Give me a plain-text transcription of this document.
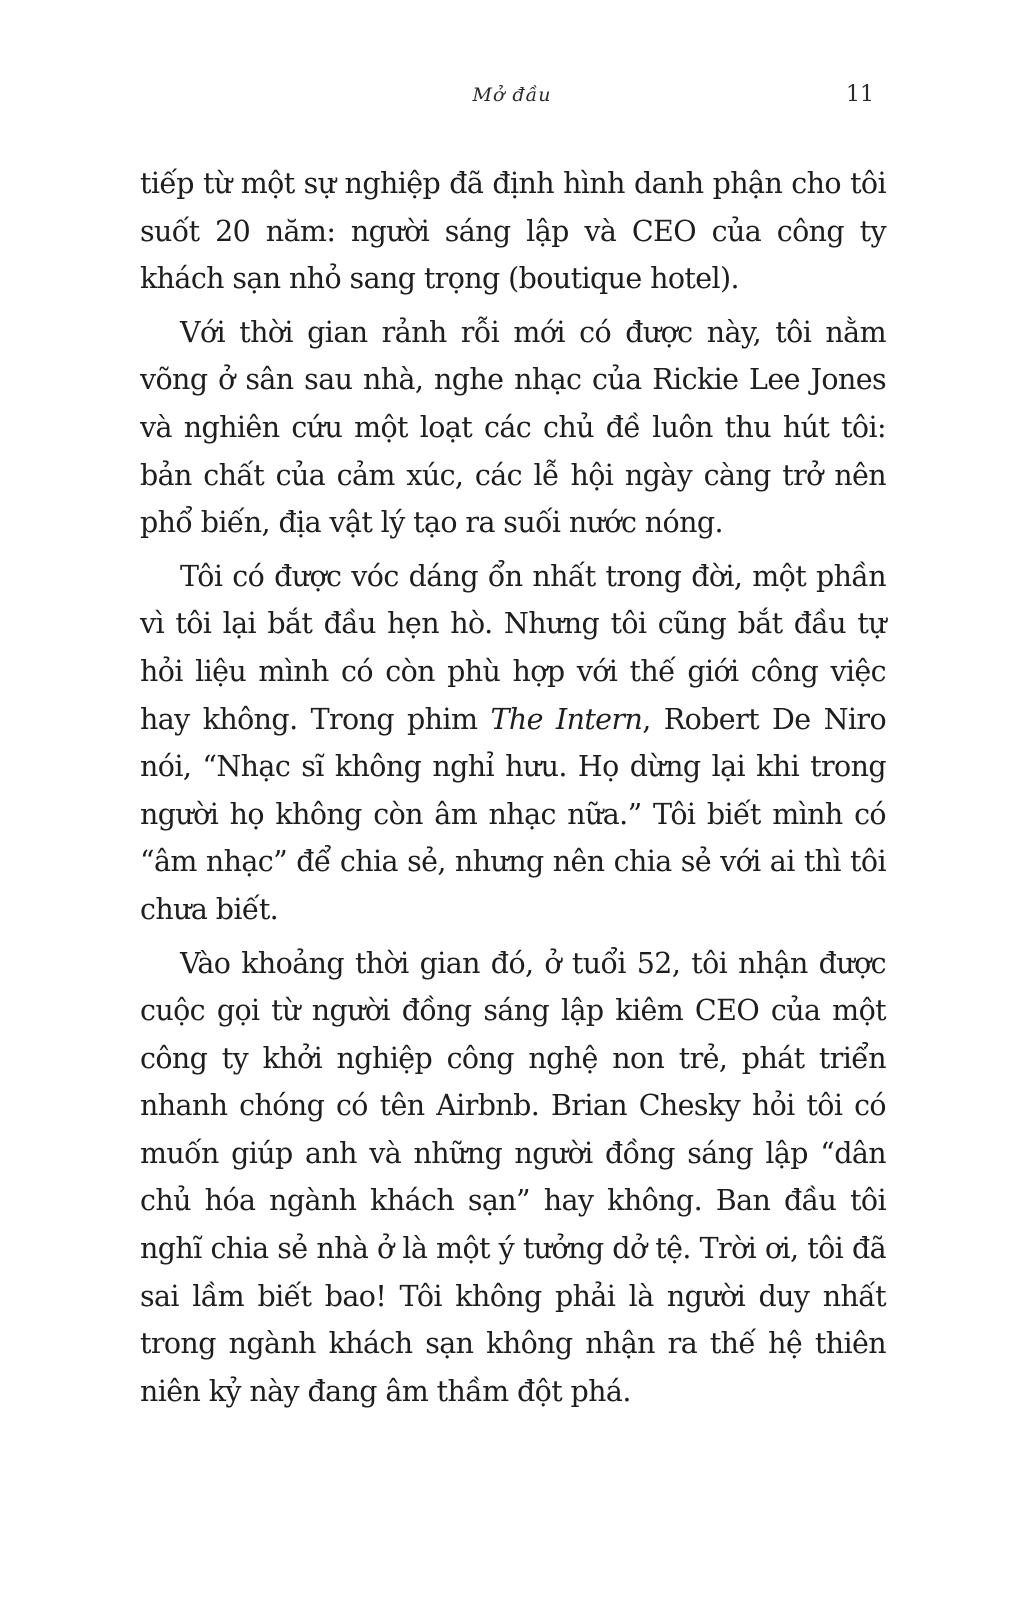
Mở đầu	11

tiếp từ một sự nghiệp đã định hình danh phận cho tôi suốt 20 năm: người sáng lập và CEO của công ty khách sạn nhỏ sang trọng (boutique hotel).

Với thời gian rảnh rỗi mới có được này, tôi nằm võng ở sân sau nhà, nghe nhạc của Rickie Lee Jones và nghiên cứu một loạt các chủ đề luôn thu hút tôi: bản chất của cảm xúc, các lễ hội ngày càng trở nên phổ biến, địa vật lý tạo ra suối nước nóng.

Tôi có được vóc dáng ổn nhất trong đời, một phần vì tôi lại bắt đầu hẹn hò. Nhưng tôi cũng bắt đầu tự hỏi liệu mình có còn phù hợp với thế giới công việc hay không. Trong phim The Intern, Robert De Niro nói, “Nhạc sĩ không nghỉ hưu. Họ dừng lại khi trong người họ không còn âm nhạc nữa.” Tôi biết mình có “âm nhạc” để chia sẻ, nhưng nên chia sẻ với ai thì tôi chưa biết.

Vào khoảng thời gian đó, ở tuổi 52, tôi nhận được cuộc gọi từ người đồng sáng lập kiêm CEO của một công ty khởi nghiệp công nghệ non trẻ, phát triển nhanh chóng có tên Airbnb. Brian Chesky hỏi tôi có muốn giúp anh và những người đồng sáng lập “dân chủ hóa ngành khách sạn” hay không. Ban đầu tôi nghĩ chia sẻ nhà ở là một ý tưởng dở tệ. Trời ơi, tôi đã sai lầm biết bao! Tôi không phải là người duy nhất trong ngành khách sạn không nhận ra thế hệ thiên niên kỷ này đang âm thầm đột phá.
